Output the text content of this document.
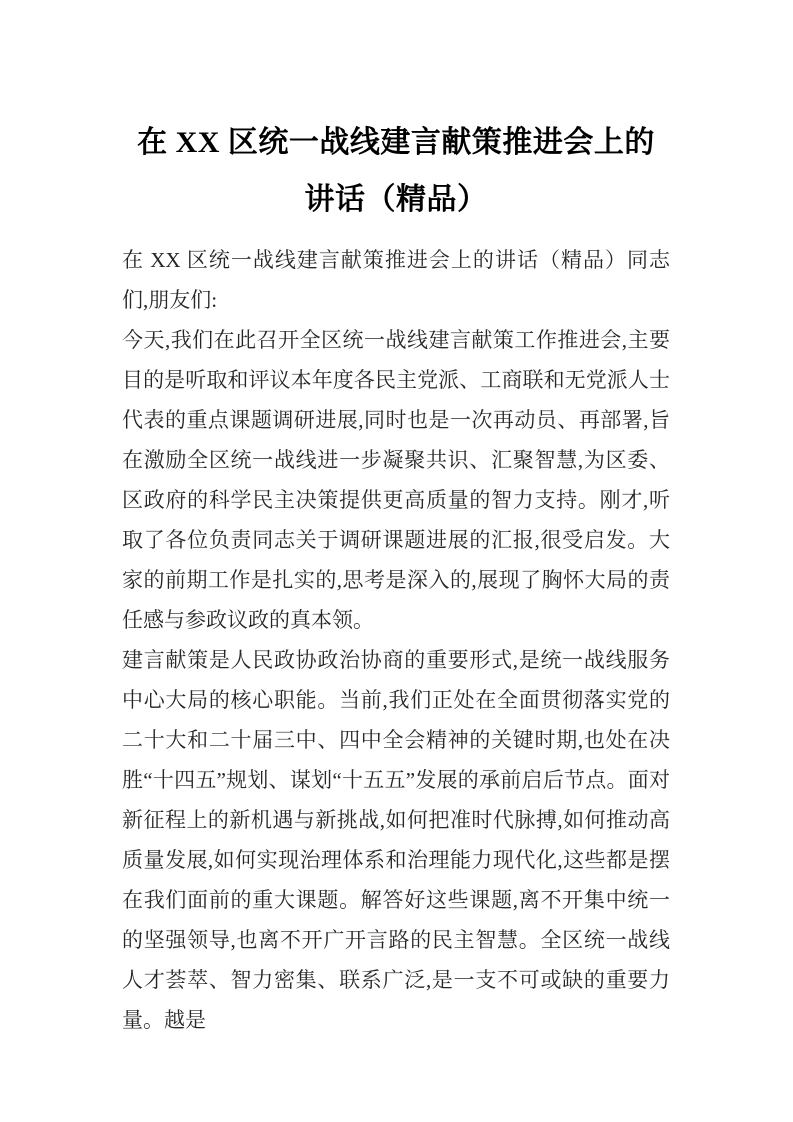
在 XX 区统一战线建言献策推进会上的讲话（精品）

在 XX 区统一战线建言献策推进会上的讲话（精品）同志们,朋友们:

今天,我们在此召开全区统一战线建言献策工作推进会,主要目的是听取和评议本年度各民主党派、工商联和无党派人士代表的重点课题调研进展,同时也是一次再动员、再部署,旨在激励全区统一战线进一步凝聚共识、汇聚智慧,为区委、区政府的科学民主决策提供更高质量的智力支持。刚才,听取了各位负责同志关于调研课题进展的汇报,很受启发。大家的前期工作是扎实的,思考是深入的,展现了胸怀大局的责任感与参政议政的真本领。

建言献策是人民政协政治协商的重要形式,是统一战线服务中心大局的核心职能。当前,我们正处在全面贯彻落实党的二十大和二十届三中、四中全会精神的关键时期,也处在决胜“十四五”规划、谋划“十五五”发展的承前启后节点。面对新征程上的新机遇与新挑战,如何把准时代脉搏,如何推动高质量发展,如何实现治理体系和治理能力现代化,这些都是摆在我们面前的重大课题。解答好这些课题,离不开集中统一的坚强领导,也离不开广开言路的民主智慧。全区统一战线人才荟萃、智力密集、联系广泛,是一支不可或缺的重要力量。越是
